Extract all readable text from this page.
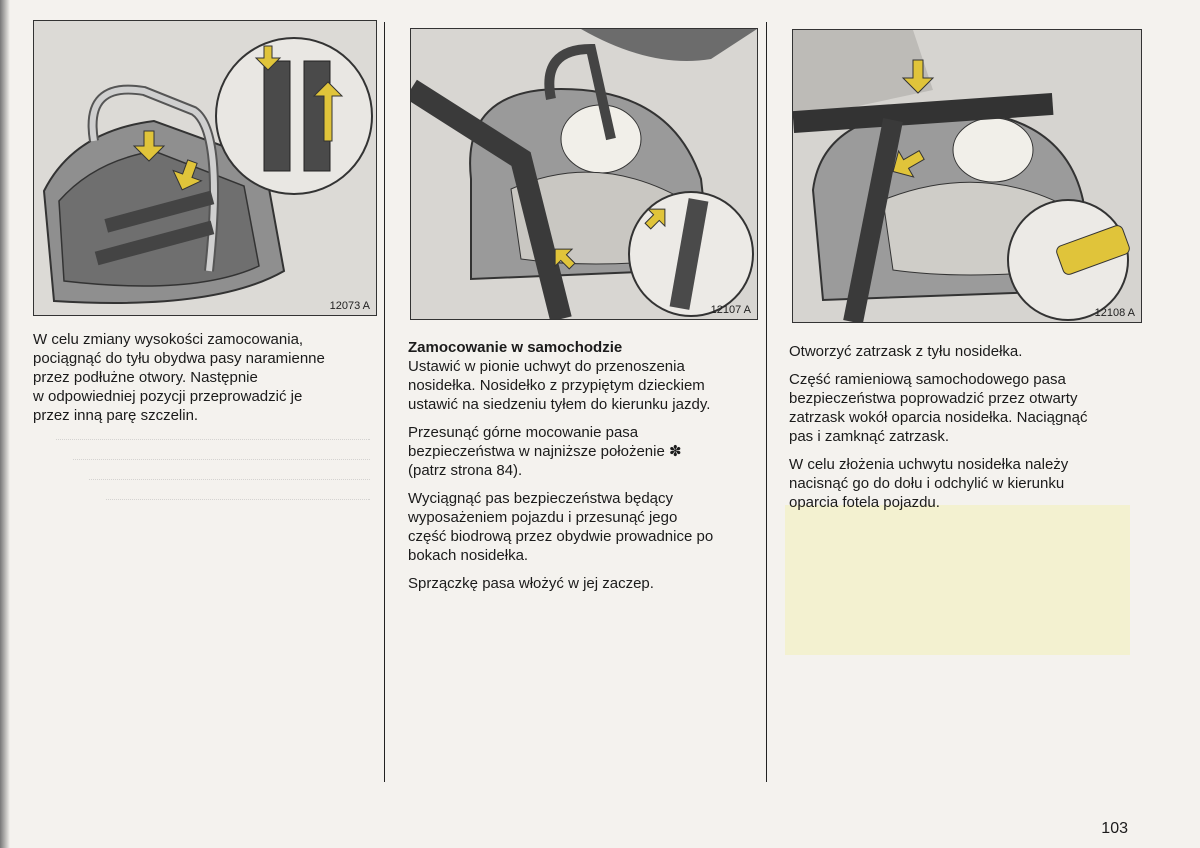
12073 A	12107 A	12108 A

W celu zmiany wysokości zamocowania,
pociągnąć do tyłu obydwa pasy naramienne
przez podłużne otwory. Następnie
w odpowiedniej pozycji przeprowadzić je
przez inną parę szczelin.

Zamocowanie w samochodzie

Ustawić w pionie uchwyt do przenoszenia
nosidełka. Nosidełko z przypiętym dzieckiem
ustawić na siedzeniu tyłem do kierunku jazdy.

Przesunąć górne mocowanie pasa
bezpieczeństwa w najniższe położenie ✽
(patrz strona 84).

Wyciągnąć pas bezpieczeństwa będący
wyposażeniem pojazdu i przesunąć jego
część biodrową przez obydwie prowadnice po
bokach nosidełka.

Sprzączkę pasa włożyć w jej zaczep.

Otworzyć zatrzask z tyłu nosidełka.

Część ramieniową samochodowego pasa
bezpieczeństwa poprowadzić przez otwarty
zatrzask wokół oparcia nosidełka. Naciągnąć
pas i zamknąć zatrzask.

W celu złożenia uchwytu nosidełka należy
nacisnąć go do dołu i odchylić w kierunku
oparcia fotela pojazdu.

103
